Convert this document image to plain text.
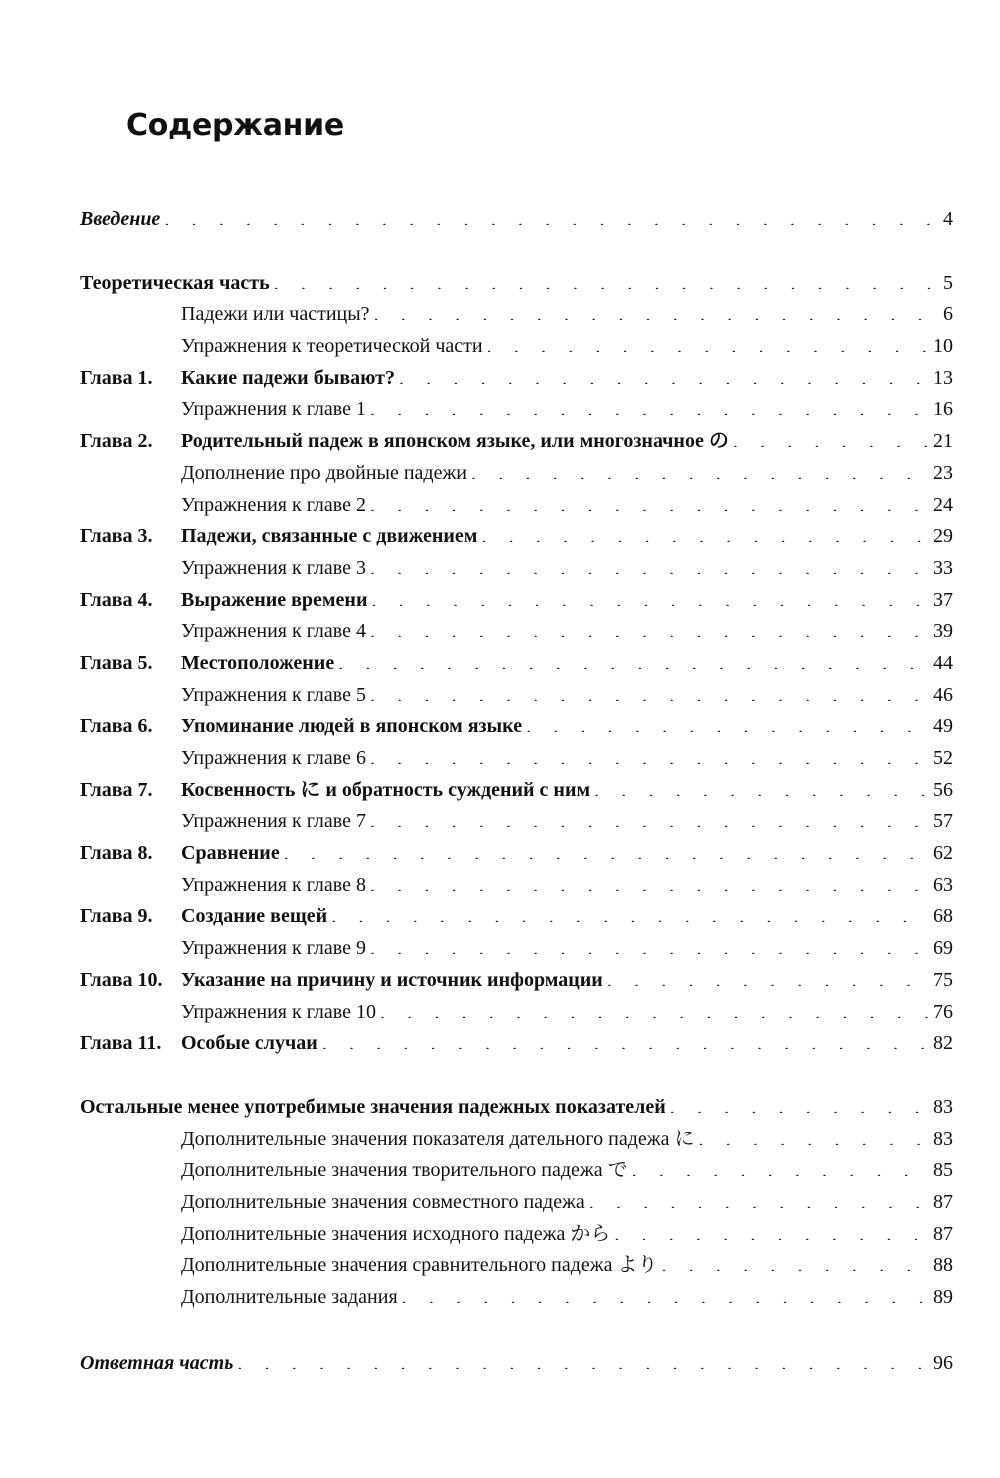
Содержание
Введение . . .	4
Теоретическая часть . . .	5
Падежи или частицы? . . .	6
Упражнения к теоретической части . . .	10
Глава 1.	Какие падежи бывают? . . .	13
Упражнения к главе 1 . . .	16
Глава 2.	Родительный падеж в японском языке, или многозначное の . . .	21
Дополнение про двойные падежи . . .	23
Упражнения к главе 2 . . .	24
Глава 3.	Падежи, связанные с движением . . .	29
Упражнения к главе 3 . . .	33
Глава 4.	Выражение времени . . .	37
Упражнения к главе 4 . . .	39
Глава 5.	Местоположение . . .	44
Упражнения к главе 5 . . .	46
Глава 6.	Упоминание людей в японском языке . . .	49
Упражнения к главе 6 . . .	52
Глава 7.	Косвенность に и обратность суждений с ним . . .	56
Упражнения к главе 7 . . .	57
Глава 8.	Сравнение . . .	62
Упражнения к главе 8 . . .	63
Глава 9.	Создание вещей . . .	68
Упражнения к главе 9 . . .	69
Глава 10. Указание на причину и источник информации . . .	75
Упражнения к главе 10 . . .	76
Глава 11. Особые случаи . . .	82
Остальные менее употребимые значения падежных показателей . . .	83
Дополнительные значения показателя дательного падежа に . . .	83
Дополнительные значения творительного падежа で . . .	85
Дополнительные значения совместного падежа . . .	87
Дополнительные значения исходного падежа から . . .	87
Дополнительные значения сравнительного падежа より . . .	88
Дополнительные задания . . .	89
Ответная часть . . .	96
